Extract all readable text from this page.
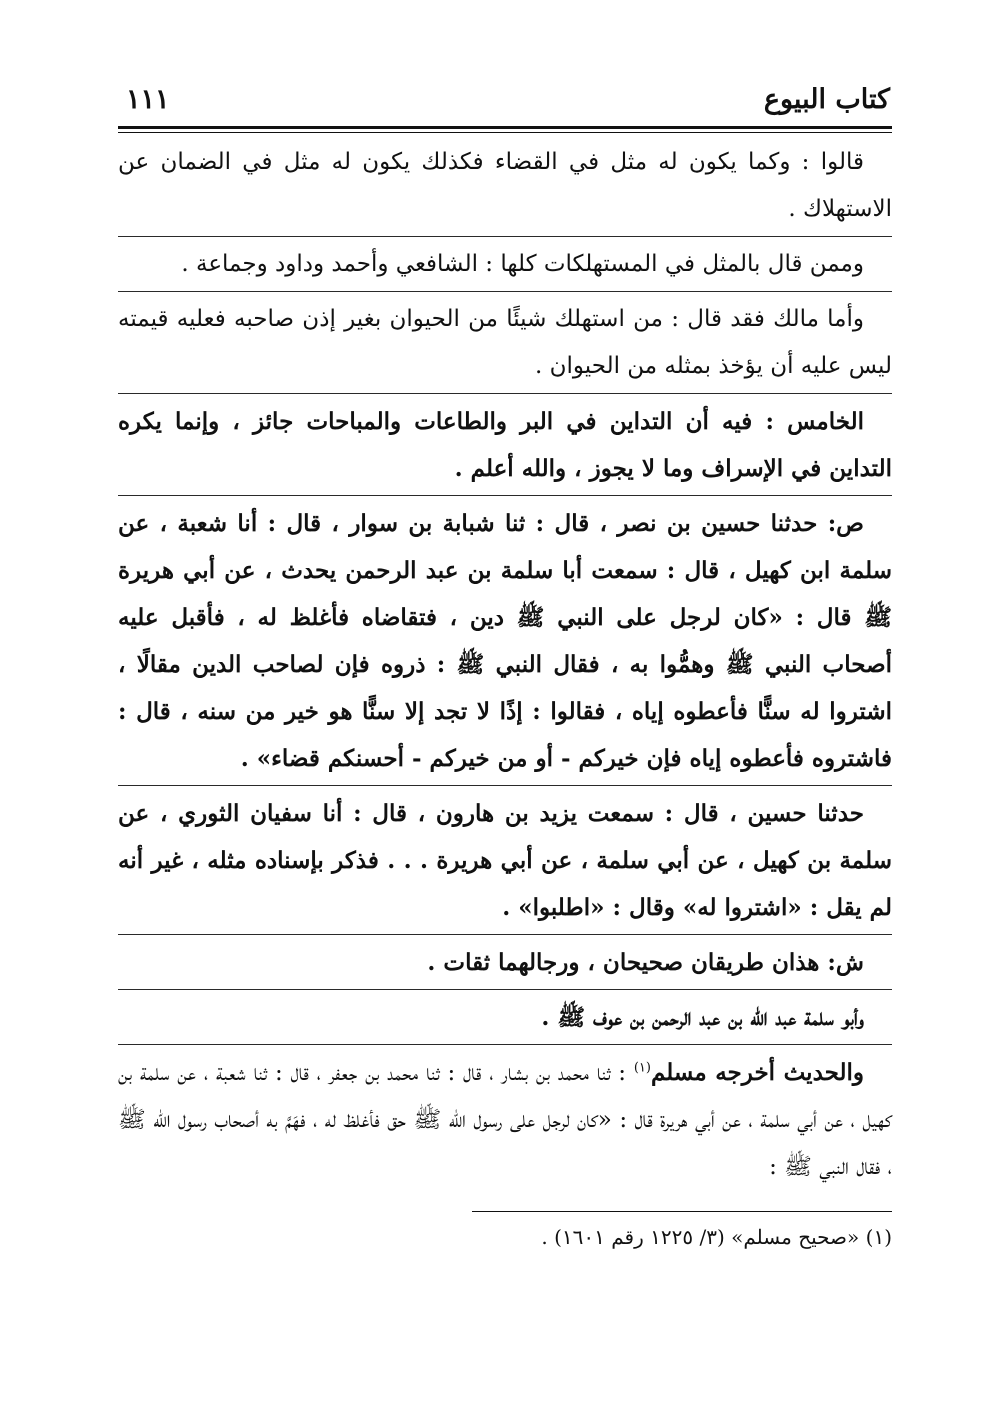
كتاب البيوع
١١١

قالوا : وكما يكون له مثل في القضاء فكذلك يكون له مثل في الضمان عن الاستهلاك .

وممن قال بالمثل في المستهلكات كلها : الشافعي وأحمد وداود وجماعة .

وأما مالك فقد قال : من استهلك شيئًا من الحيوان بغير إذن صاحبه فعليه قيمته ليس عليه أن يؤخذ بمثله من الحيوان .

الخامس : فيه أن التداين في البر والطاعات والمباحات جائز ، وإنما يكره التداين في الإسراف وما لا يجوز ، والله أعلم .

ص: حدثنا حسين بن نصر ، قال : ثنا شبابة بن سوار ، قال : أنا شعبة ، عن سلمة ابن كهيل ، قال : سمعت أبا سلمة بن عبد الرحمن يحدث ، عن أبي هريرة ﷺ قال : «كان لرجل على النبي ﷺ دين ، فتقاضاه فأغلظ له ، فأقبل عليه أصحاب النبي ﷺ وهمُّوا به ، فقال النبي ﷺ : ذروه فإن لصاحب الدين مقالًا ، اشتروا له سنًّا فأعطوه إياه ، فقالوا : إذًا لا تجد إلا سنًّا هو خير من سنه ، قال : فاشتروه فأعطوه إياه فإن خيركم - أو من خيركم - أحسنكم قضاء» .

حدثنا حسين ، قال : سمعت يزيد بن هارون ، قال : أنا سفيان الثوري ، عن سلمة بن كهيل ، عن أبي سلمة ، عن أبي هريرة . . . فذكر بإسناده مثله ، غير أنه لم يقل : «اشتروا له» وقال : «اطلبوا» .

ش: هذان طريقان صحيحان ، ورجالهما ثقات .

وأبو سلمة عبد الله بن عبد الرحمن بن عوف ﷺ .

والحديث أخرجه مسلم$^{(١)}$ : ثنا محمد بن بشار ، قال : ثنا محمد بن جعفر ، قال : ثنا شعبة ، عن سلمة بن كهيل ، عن أبي سلمة ، عن أبي هريرة قال : «كان لرجل على رسول الله ﷺ حق فأغلظ له ، فهَمَّ به أصحاب رسول الله ﷺ ، فقال النبي ﷺ :

(١) «صحيح مسلم» (٣/ ١٢٢٥ رقم ١٦٠١) .
